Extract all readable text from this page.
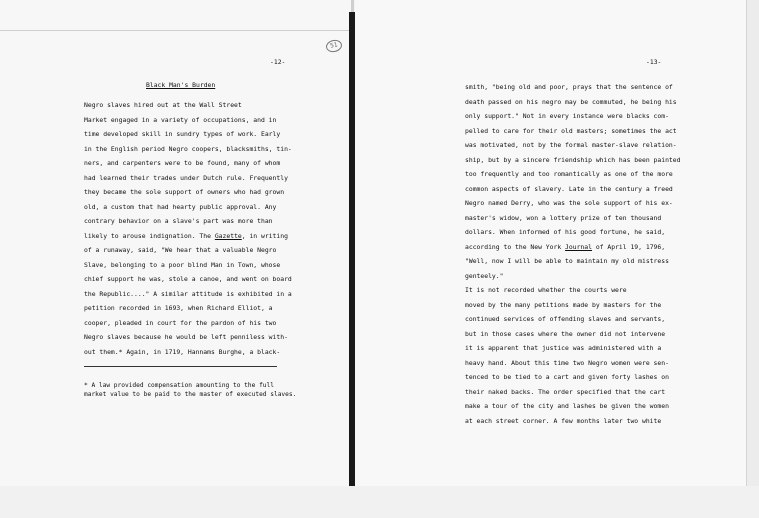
-12-
51
Black Man's Burden
Negro slaves hired out at the Wall Street
Market engaged in a variety of occupations, and in
time developed skill in sundry types of work. Early
in the English period Negro coopers, blacksmiths, tin-
ners, and carpenters were to be found, many of whom
had learned their trades under Dutch rule. Frequently
they became the sole support of owners who had grown
old, a custom that had hearty public approval. Any
contrary behavior on a slave's part was more than
likely to arouse indignation. The Gazette, in writing
of a runaway, said, "We hear that a valuable Negro
Slave, belonging to a poor blind Man in Town, whose
chief support he was, stole a canoe, and went on board
the Republic...." A similar attitude is exhibited in a
petition recorded in 1693, when Richard Elliot, a
cooper, pleaded in court for the pardon of his two
Negro slaves because he would be left penniless with-
out them.* Again, in 1719, Hannams Burghe, a black-
* A law provided compensation amounting to the full
market value to be paid to the master of executed slaves.
-13-
smith, "being old and poor, prays that the sentence of
death passed on his negro may be commuted, he being his
only support." Not in every instance were blacks com-
pelled to care for their old masters; sometimes the act
was motivated, not by the formal master-slave relation-
ship, but by a sincere friendship which has been painted
too frequently and too romantically as one of the more
common aspects of slavery. Late in the century a freed
Negro named Derry, who was the sole support of his ex-
master's widow, won a lottery prize of ten thousand
dollars. When informed of his good fortune, he said,
according to the New York Journal of April 19, 1796,
"Well, now I will be able to maintain my old mistress
genteely."
It is not recorded whether the courts were
moved by the many petitions made by masters for the
continued services of offending slaves and servants,
but in those cases where the owner did not intervene
it is apparent that justice was administered with a
heavy hand. About this time two Negro women were sen-
tenced to be tied to a cart and given forty lashes on
their naked backs. The order specified that the cart
make a tour of the city and lashes be given the women
at each street corner. A few months later two white
